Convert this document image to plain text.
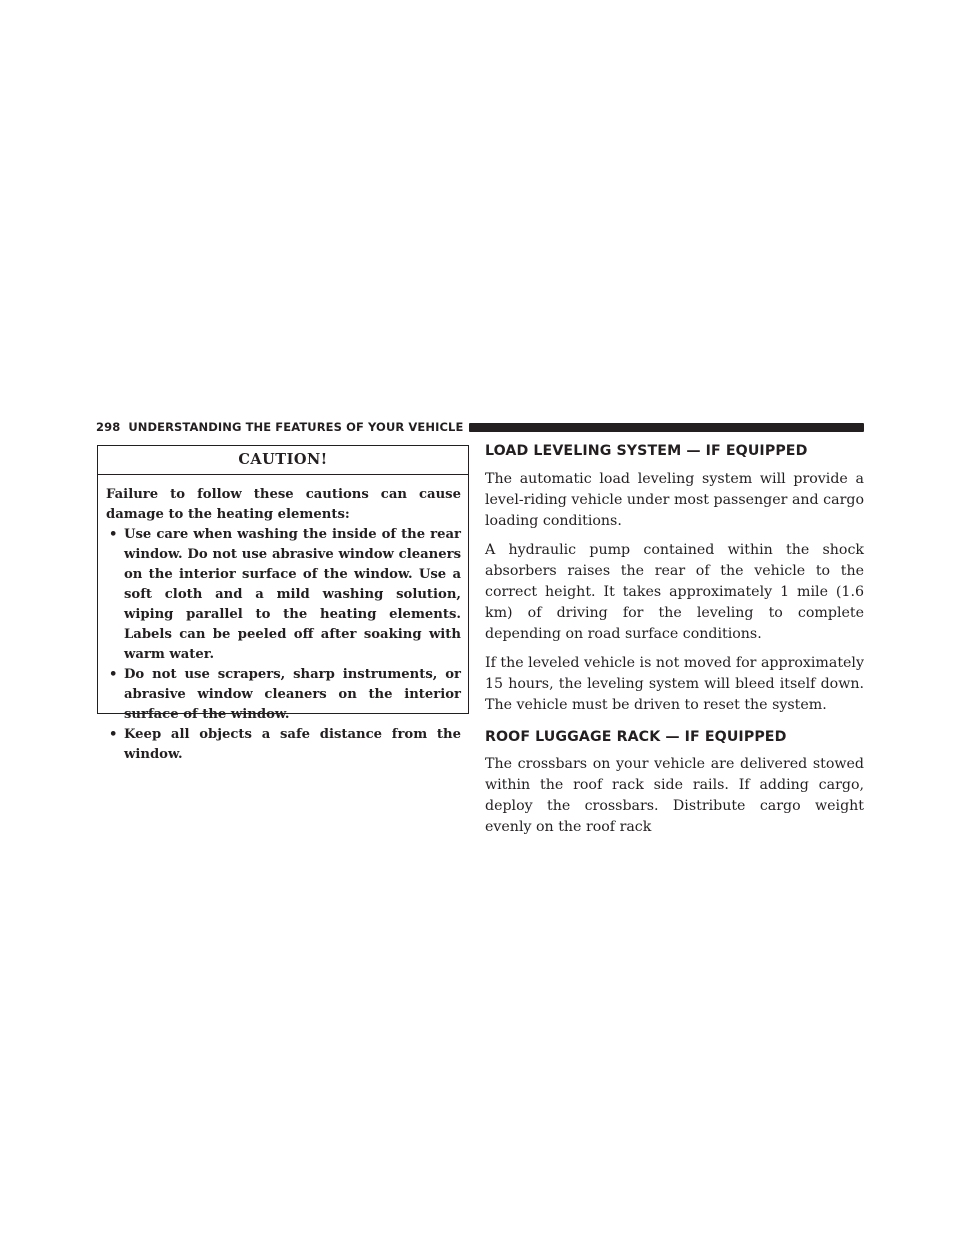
298 UNDERSTANDING THE FEATURES OF YOUR VEHICLE
CAUTION!

Failure to follow these cautions can cause damage to the heating elements:

• Use care when washing the inside of the rear window. Do not use abrasive window cleaners on the interior surface of the window. Use a soft cloth and a mild washing solution, wiping parallel to the heating elements. Labels can be peeled off after soaking with warm water.
• Do not use scrapers, sharp instruments, or abrasive window cleaners on the interior surface of the window.
• Keep all objects a safe distance from the window.
LOAD LEVELING SYSTEM — IF EQUIPPED

The automatic load leveling system will provide a level-riding vehicle under most passenger and cargo loading conditions.

A hydraulic pump contained within the shock absorbers raises the rear of the vehicle to the correct height. It takes approximately 1 mile (1.6 km) of driving for the leveling to complete depending on road surface conditions.

If the leveled vehicle is not moved for approximately 15 hours, the leveling system will bleed itself down. The vehicle must be driven to reset the system.

ROOF LUGGAGE RACK — IF EQUIPPED

The crossbars on your vehicle are delivered stowed within the roof rack side rails. If adding cargo, deploy the crossbars. Distribute cargo weight evenly on the roof rack
